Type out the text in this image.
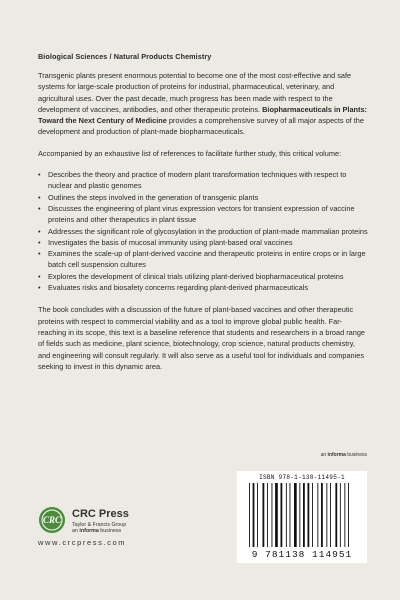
Biological Sciences / Natural Products Chemistry

Transgenic plants present enormous potential to become one of the most cost-effective and safe systems for large-scale production of proteins for industrial, pharmaceutical, veterinary, and agricultural uses. Over the past decade, much progress has been made with respect to the development of vaccines, antibodies, and other therapeutic proteins. Biopharmaceuticals in Plants: Toward the Next Century of Medicine provides a comprehensive survey of all major aspects of the development and production of plant-made biopharmaceuticals.

Accompanied by an exhaustive list of references to facilitate further study, this critical volume:

• Describes the theory and practice of modern plant transformation techniques with respect to nuclear and plastic genomes
• Outlines the steps involved in the generation of transgenic plants
• Discusses the engineering of plant virus expression vectors for transient expression of vaccine proteins and other therapeutics in plant tissue
• Addresses the significant role of glycosylation in the production of plant-made mammalian proteins
• Investigates the basis of mucosal immunity using plant-based oral vaccines
• Examines the scale-up of plant-derived vaccine and therapeutic proteins in entire crops or in large batch cell suspension cultures
• Explores the development of clinical trials utilizing plant-derived biopharmaceutical proteins
• Evaluates risks and biosafety concerns regarding plant-derived pharmaceuticals

The book concludes with a discussion of the future of plant-based vaccines and other therapeutic proteins with respect to commercial viability and as a tool to improve global public health. Far-reaching in its scope, this text is a baseline reference that students and researchers in a broad range of fields such as medicine, plant science, biotechnology, crop science, natural products chemistry, and engineering will consult regularly. It will also serve as a useful tool for individuals and companies seeking to invest in this dynamic area.

an informa business
CRC CRC Press
Taylor & Francis Group
an informa business
www.crcpress.com
ISBN 978-1-138-11495-1
9 781138 114951
